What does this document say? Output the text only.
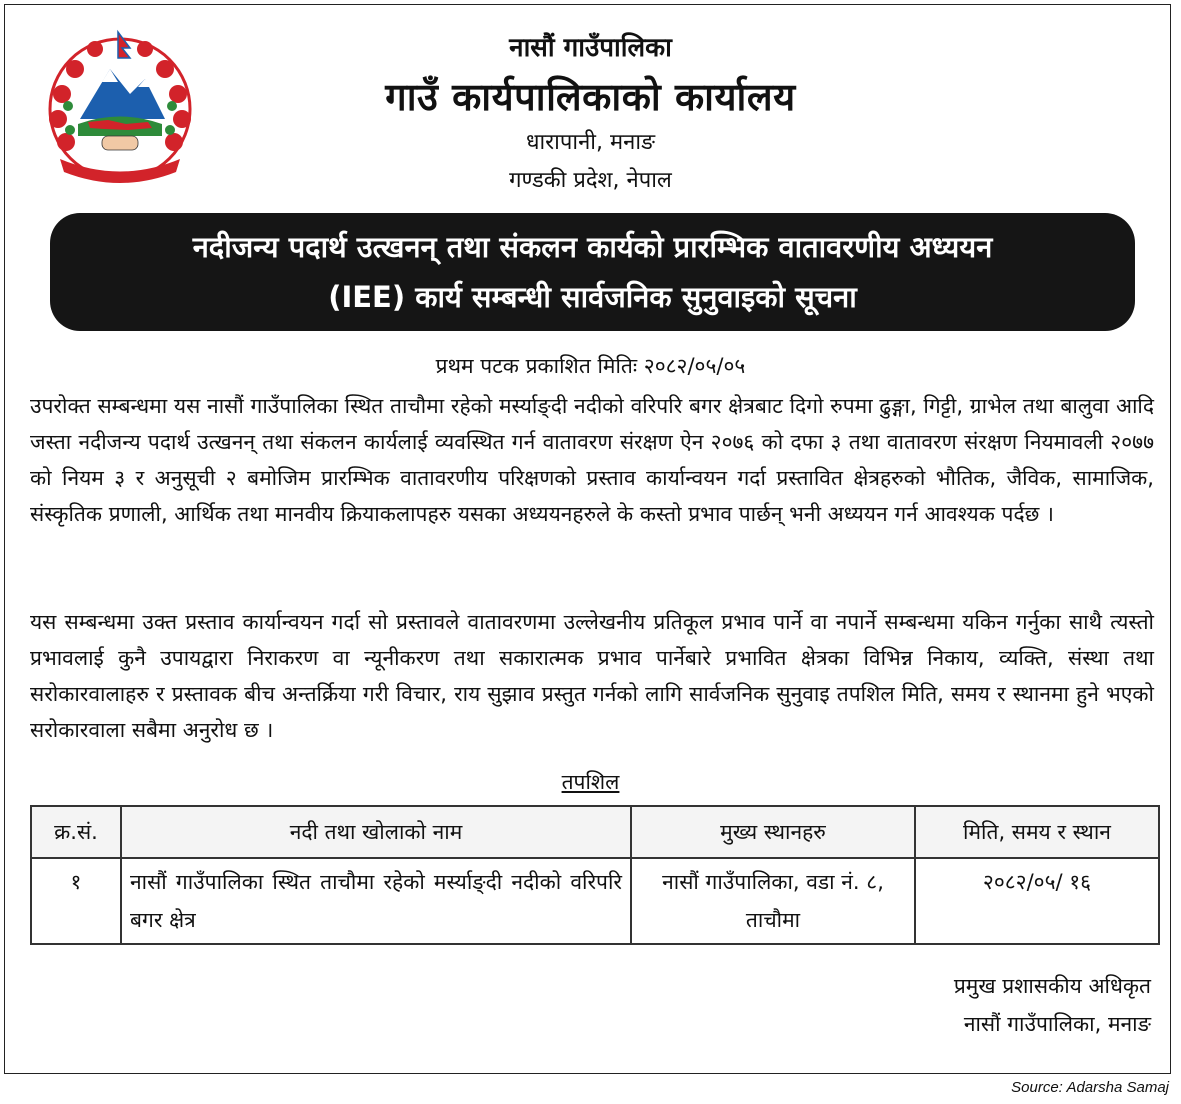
नासौं गाउँपालिका
गाउँ कार्यपालिकाको कार्यालय
धारापानी, मनाङ
गण्डकी प्रदेश, नेपाल
नदीजन्य पदार्थ उत्खनन् तथा संकलन कार्यको प्रारम्भिक वातावरणीय अध्ययन
(IEE) कार्य सम्बन्धी सार्वजनिक सुनुवाइको सूचना
प्रथम पटक प्रकाशित मितिः २०८२/०५/०५

उपरोक्त सम्बन्धमा यस नासौं गाउँपालिका स्थित ताचौमा रहेको मर्स्याङ्दी नदीको वरिपरि बगर क्षेत्रबाट दिगो रुपमा ढुङ्गा, गिट्टी, ग्राभेल तथा बालुवा आदि जस्ता नदीजन्य पदार्थ उत्खनन् तथा संकलन कार्यलाई व्यवस्थित गर्न वातावरण संरक्षण ऐन २०७६ को दफा ३ तथा वातावरण संरक्षण नियमावली २०७७ को नियम ३ र अनुसूची २ बमोजिम प्रारम्भिक वातावरणीय परिक्षणको प्रस्ताव कार्यान्वयन गर्दा प्रस्तावित क्षेत्रहरुको भौतिक, जैविक, सामाजिक, संस्कृतिक प्रणाली, आर्थिक तथा मानवीय क्रियाकलापहरु यसका अध्ययनहरुले के कस्तो प्रभाव पार्छन् भनी अध्ययन गर्न आवश्यक पर्दछ ।

यस सम्बन्धमा उक्त प्रस्ताव कार्यान्वयन गर्दा सो प्रस्तावले वातावरणमा उल्लेखनीय प्रतिकूल प्रभाव पार्ने वा नपार्ने सम्बन्धमा यकिन गर्नुका साथै त्यस्तो प्रभावलाई कुनै उपायद्वारा निराकरण वा न्यूनीकरण तथा सकारात्मक प्रभाव पार्नेबारे प्रभावित क्षेत्रका विभिन्न निकाय, व्यक्ति, संस्था तथा सरोकारवालाहरु र प्रस्तावक बीच अन्तर्क्रिया गरी विचार, राय सुझाव प्रस्तुत गर्नको लागि सार्वजनिक सुनुवाइ तपशिल मिति, समय र स्थानमा हुने भएको सरोकारवाला सबैमा अनुरोध छ ।

तपशिल
क्र.सं.	नदी तथा खोलाको नाम	मुख्य स्थानहरु	मिति, समय र स्थान
१	नासौं गाउँपालिका स्थित ताचौमा रहेको मर्स्याङ्दी नदीको वरिपरि बगर क्षेत्र	नासौं गाउँपालिका, वडा नं. ८, ताचौमा	२०८२/०५/ १६
प्रमुख प्रशासकीय अधिकृत
नासौं गाउँपालिका, मनाङ
Source: Adarsha Samaj
